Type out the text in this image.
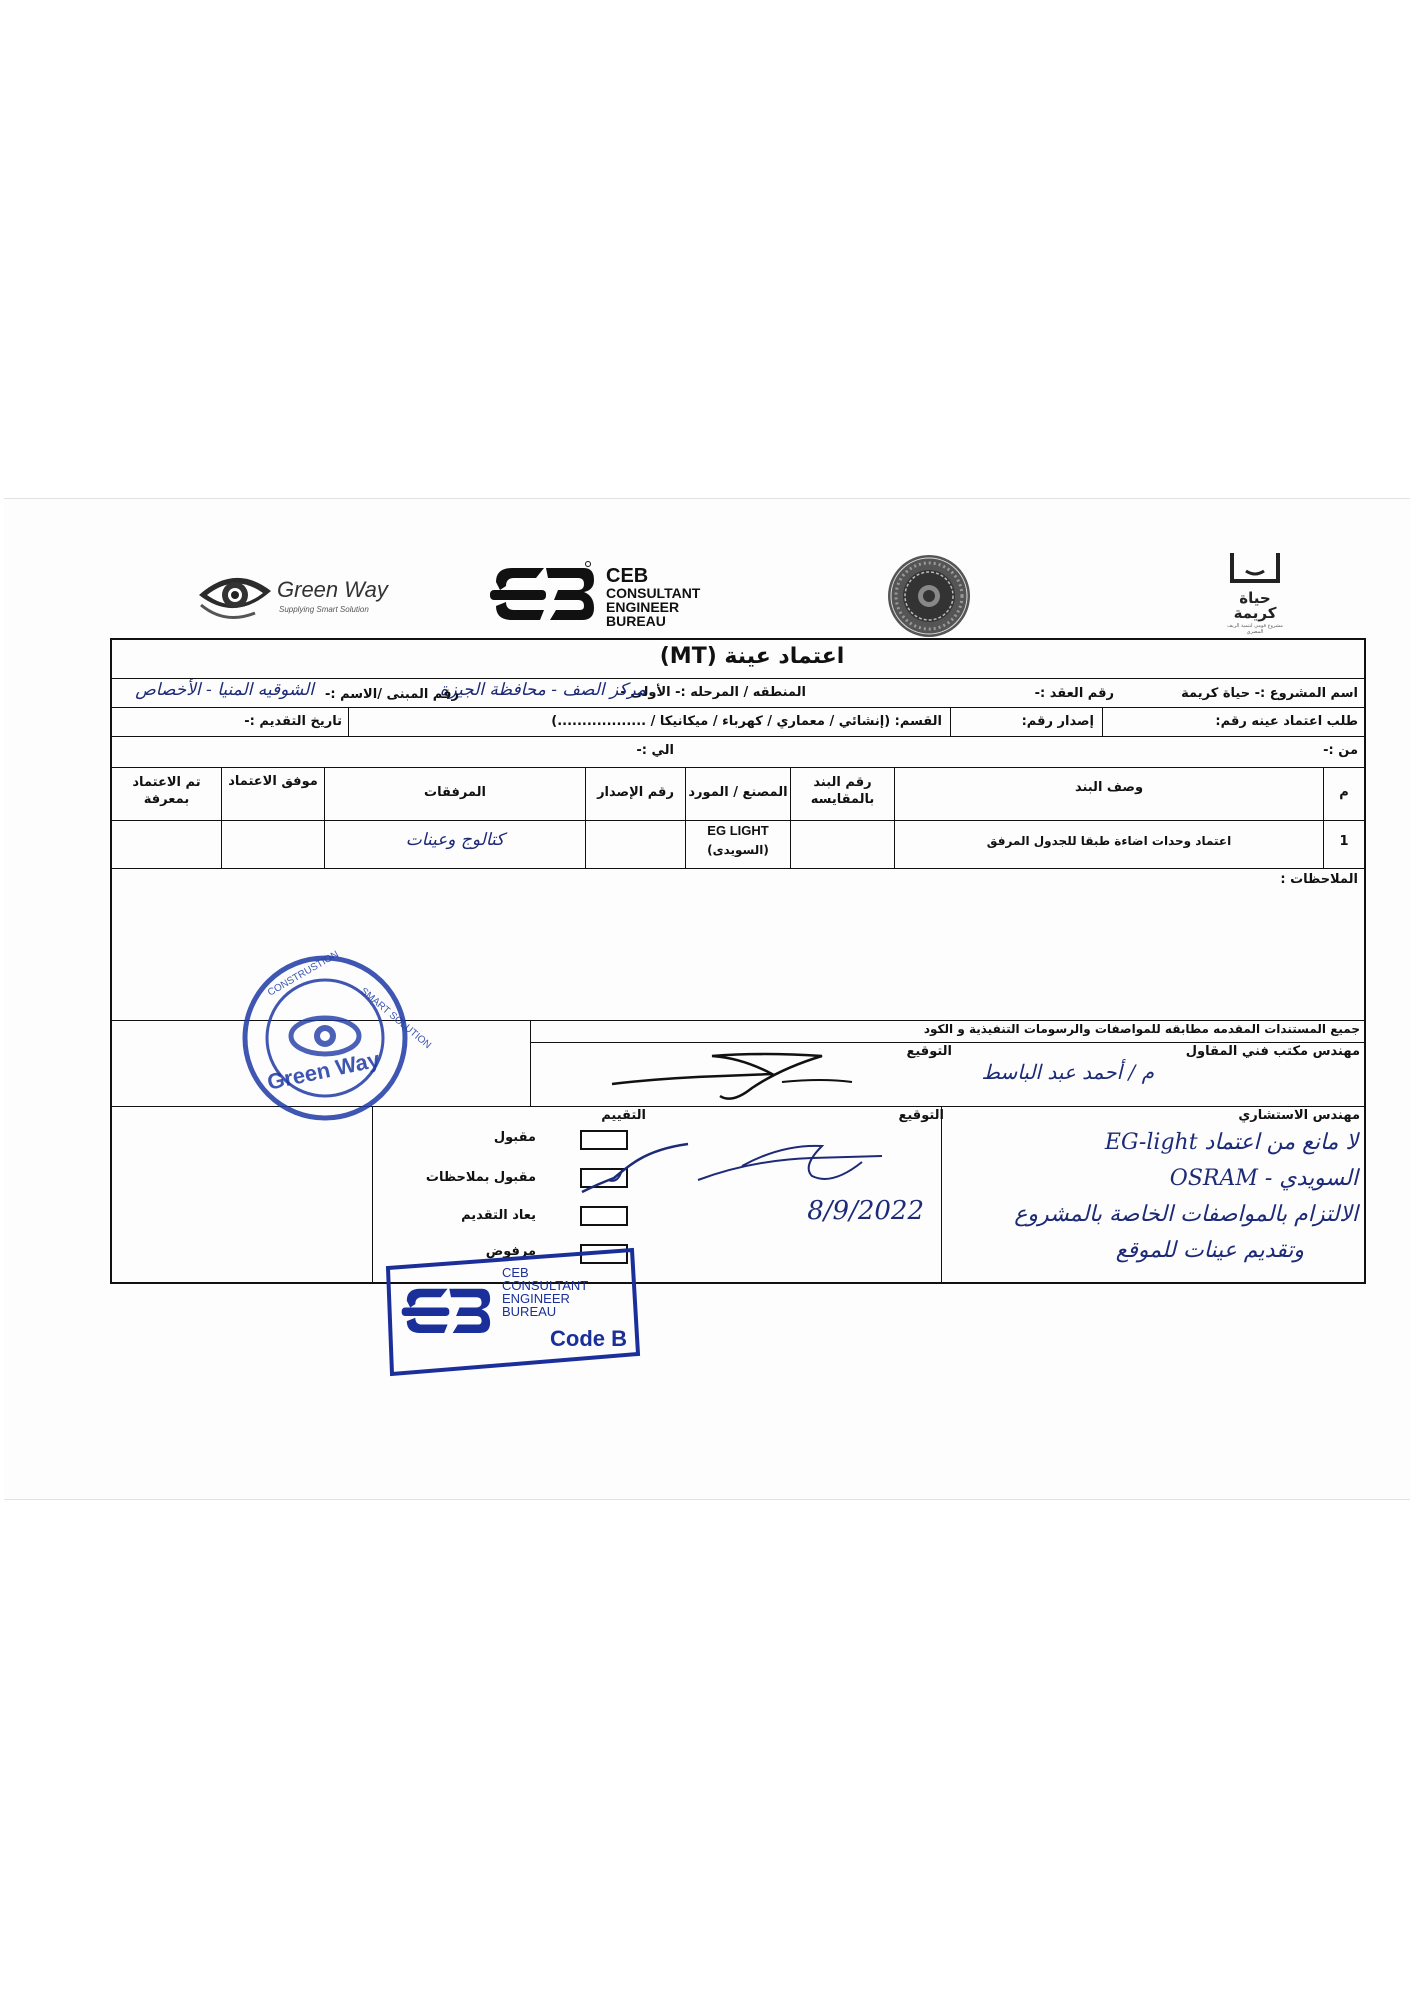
Green Way
Supplying Smart Solution
CEB
CONSULTANT
ENGINEER
BUREAU
حياة كريمة
مشروع قومي لتنمية الريف المصري
اعتماد عينة (MT)
اسم المشروع :- حياة كريمة
رقم العقد :-
المنطقه / المرحله :- الأولى -
مركز الصف - محافظة الجيزة
رقم المبنى /الاسم :-
الشوقيه المنيا - الأخصاص
طلب اعتماد عينه رقم:
إصدار رقم:
القسم: (إنشائي / معماري / كهرباء / ميكانيكا / ..................)
تاريخ التقديم :-
من :-
الي :-
م
وصف البند
رقم البند بالمقايسه
المصنع / المورد
رقم الإصدار
المرفقات
موفق الاعتماد
تم الاعتماد بمعرفة
1
اعتماد وحدات اضاءة طبقا للجدول المرفق
EG LIGHT
(السويدى)
كتالوج وعينات
الملاحظات :
جميع المستندات المقدمه مطابقه للمواصفات والرسومات التنفيذية و الكود
مهندس مكتب فني المقاول
م / أحمد عبد الباسط
التوقيع
مهندس الاستشاري
التوقيع
التقييم
مقبول
مقبول بملاحظات
يعاد التقديم
مرفوض
8/9/2022
لا مانع من اعتماد EG-light
السويدي - OSRAM
الالتزام بالمواصفات الخاصة بالمشروع
وتقديم عينات للموقع
Green Way
CONSTRUSTION
SMART SOLUTION
CEB
CONSULTANT
ENGINEER
BUREAU
Code B
